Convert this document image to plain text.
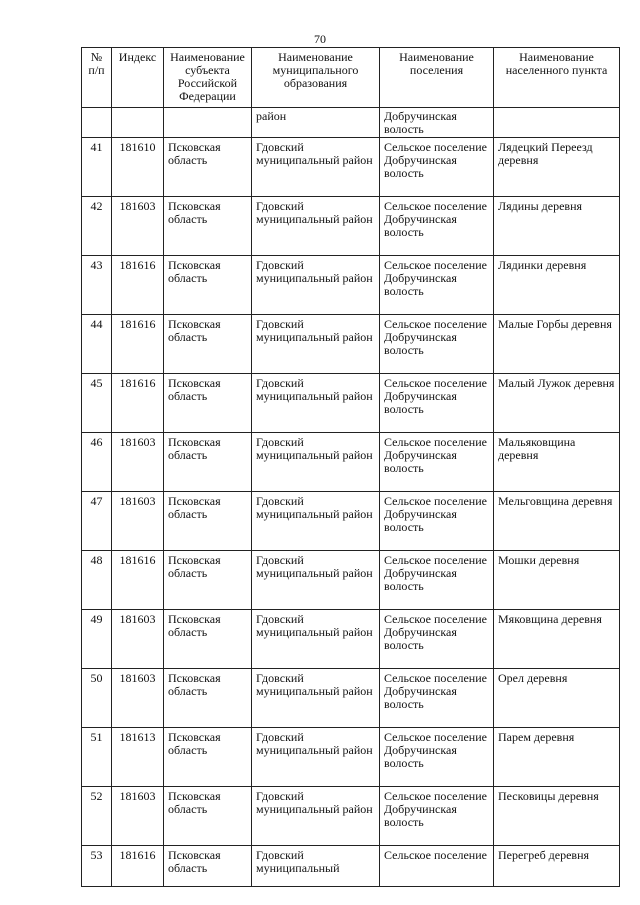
70
№ п/п	Индекс	Наименование субъекта Российской Федерации	Наименование муниципального образования	Наименование поселения	Наименование населенного пункта
			район	Добручинская волость	
41	181610	Псковская область	Гдовский муниципальный район	Сельское поселение Добручинская волость	Лядецкий Переезд деревня
42	181603	Псковская область	Гдовский муниципальный район	Сельское поселение Добручинская волость	Лядины деревня
43	181616	Псковская область	Гдовский муниципальный район	Сельское поселение Добручинская волость	Лядинки деревня
44	181616	Псковская область	Гдовский муниципальный район	Сельское поселение Добручинская волость	Малые Горбы деревня
45	181616	Псковская область	Гдовский муниципальный район	Сельское поселение Добручинская волость	Малый Лужок деревня
46	181603	Псковская область	Гдовский муниципальный район	Сельское поселение Добручинская волость	Мальяковщина деревня
47	181603	Псковская область	Гдовский муниципальный район	Сельское поселение Добручинская волость	Мельговщина деревня
48	181616	Псковская область	Гдовский муниципальный район	Сельское поселение Добручинская волость	Мошки деревня
49	181603	Псковская область	Гдовский муниципальный район	Сельское поселение Добручинская волость	Мяковщина деревня
50	181603	Псковская область	Гдовский муниципальный район	Сельское поселение Добручинская волость	Орел деревня
51	181613	Псковская область	Гдовский муниципальный район	Сельское поселение Добручинская волость	Парем деревня
52	181603	Псковская область	Гдовский муниципальный район	Сельское поселение Добручинская волость	Песковицы деревня
53	181616	Псковская область	Гдовский муниципальный	Сельское поселение	Перегреб деревня
